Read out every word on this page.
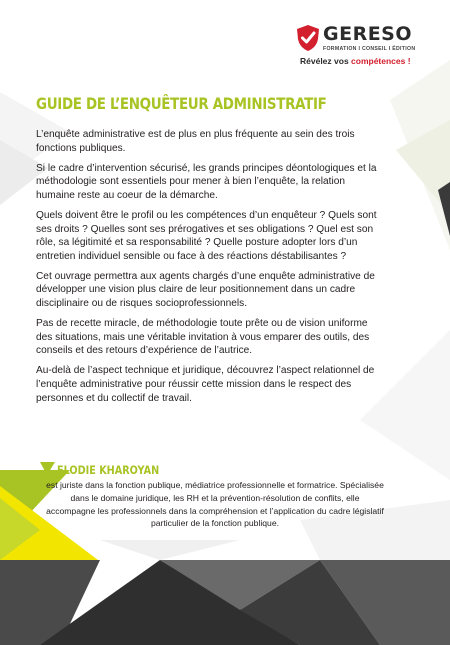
GERESO
FORMATION I CONSEIL I ÉDITION
Révélez vos compétences !
GUIDE DE L’ENQUÊTEUR ADMINISTRATIF

L’enquête administrative est de plus en plus fréquente au sein des trois fonctions publiques.

Si le cadre d’intervention sécurisé, les grands principes déontologiques et la méthodologie sont essentiels pour mener à bien l’enquête, la relation humaine reste au coeur de la démarche.

Quels doivent être le profil ou les compétences d’un enquêteur ? Quels sont ses droits ? Quelles sont ses prérogatives et ses obligations ? Quel est son rôle, sa légitimité et sa responsabilité ? Quelle posture adopter lors d’un entretien individuel sensible ou face à des réactions déstabilisantes ?

Cet ouvrage permettra aux agents chargés d’une enquête administrative de développer une vision plus claire de leur positionnement dans un cadre disciplinaire ou de risques socioprofessionnels.

Pas de recette miracle, de méthodologie toute prête ou de vision uniforme des situations, mais une véritable invitation à vous emparer des outils, des conseils et des retours d’expérience de l’autrice.

Au-delà de l’aspect technique et juridique, découvrez l’aspect relationnel de l’enquête administrative pour réussir cette mission dans le respect des personnes et du collectif de travail.

ELODIE KHAROYAN
est juriste dans la fonction publique, médiatrice professionnelle et formatrice. Spécialisée dans le domaine juridique, les RH et la prévention-résolution de conflits, elle accompagne les professionnels dans la compréhension et l’application du cadre législatif particulier de la fonction publique.
